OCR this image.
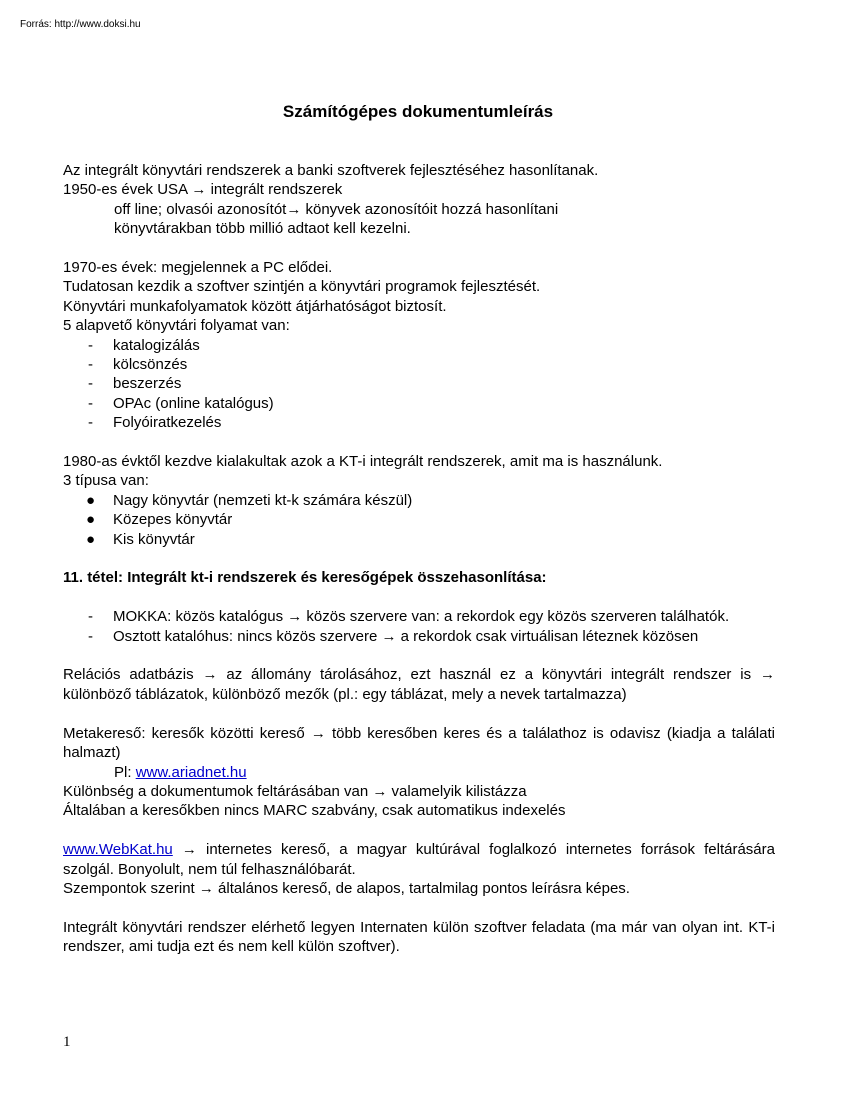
Forrás: http://www.doksi.hu
Számítógépes dokumentumleírás

Az integrált könyvtári rendszerek a banki szoftverek fejlesztéséhez hasonlítanak.

1950-es évek USA → integrált rendszerek

off line; olvasói azonosítót→ könyvek azonosítóit hozzá hasonlítani

könyvtárakban több millió adtaot kell kezelni.

1970-es évek: megjelennek a PC elődei.

Tudatosan kezdik a szoftver szintjén a könyvtári programok fejlesztését.

Könyvtári munkafolyamatok között átjárhatóságot biztosít.

5 alapvető könyvtári folyamat van:

- katalogizálás
- kölcsönzés
- beszerzés
- OPAc (online katalógus)
- Folyóiratkezelés

1980-as évktől kezdve kialakultak azok a KT-i integrált rendszerek, amit ma is használunk.

3 típusa van:

● Nagy könyvtár (nemzeti kt-k számára készül)
● Közepes könyvtár
● Kis könyvtár

11. tétel: Integrált kt-i rendszerek és keresőgépek összehasonlítása:

- MOKKA: közös katalógus → közös szervere van: a rekordok egy közös szerveren találhatók.
- Osztott katalóhus: nincs közös szervere → a rekordok csak virtuálisan léteznek közösen

Relációs adatbázis → az állomány tárolásához, ezt használ ez a könyvtári integrált rendszer is → különböző táblázatok, különböző mezők (pl.: egy táblázat, mely a nevek tartalmazza)

Metakereső: keresők közötti kereső → több keresőben keres és a találathoz is odavisz (kiadja a találati halmazt)

Pl: www.ariadnet.hu

Különbség a dokumentumok feltárásában van → valamelyik kilistázza

Általában a keresőkben nincs MARC szabvány, csak automatikus indexelés

www.WebKat.hu → internetes kereső, a magyar kultúrával foglalkozó internetes források feltárására szolgál. Bonyolult, nem túl felhasználóbarát.

Szempontok szerint → általános kereső, de alapos, tartalmilag pontos leírásra képes.

Integrált könyvtári rendszer elérhető legyen Internaten külön szoftver feladata (ma már van olyan int. KT-i rendszer, ami tudja ezt és nem kell külön szoftver).

1
